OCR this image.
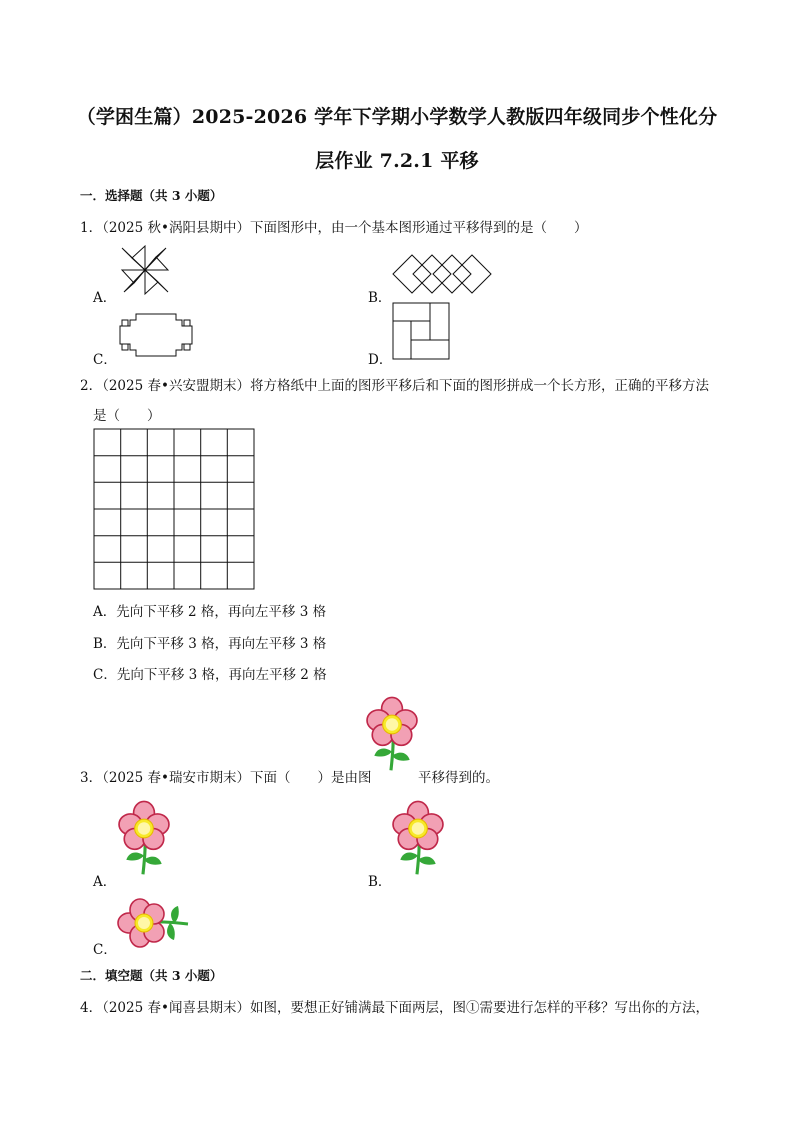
（学困生篇）2025-2026 学年下学期小学数学人教版四年级同步个性化分
层作业 7.2.1 平移
一．选择题（共 3 小题）
1．（2025 秋•涡阳县期中）下面图形中，由一个基本图形通过平移得到的是（　　）
A．	B．
C．	D．
2．（2025 春•兴安盟期末）将方格纸中上面的图形平移后和下面的图形拼成一个长方形，正确的平移方法
是（　　）
A．先向下平移 2 格，再向左平移 3 格
B．先向下平移 3 格，再向左平移 3 格
C．先向下平移 3 格，再向左平移 2 格
3．（2025 春•瑞安市期末）下面（　　）是由图	平移得到的。
A．	B．
C．
二．填空题（共 3 小题）
4．（2025 春•闻喜县期末）如图，要想正好铺满最下面两层，图①需要进行怎样的平移？写出你的方法，
